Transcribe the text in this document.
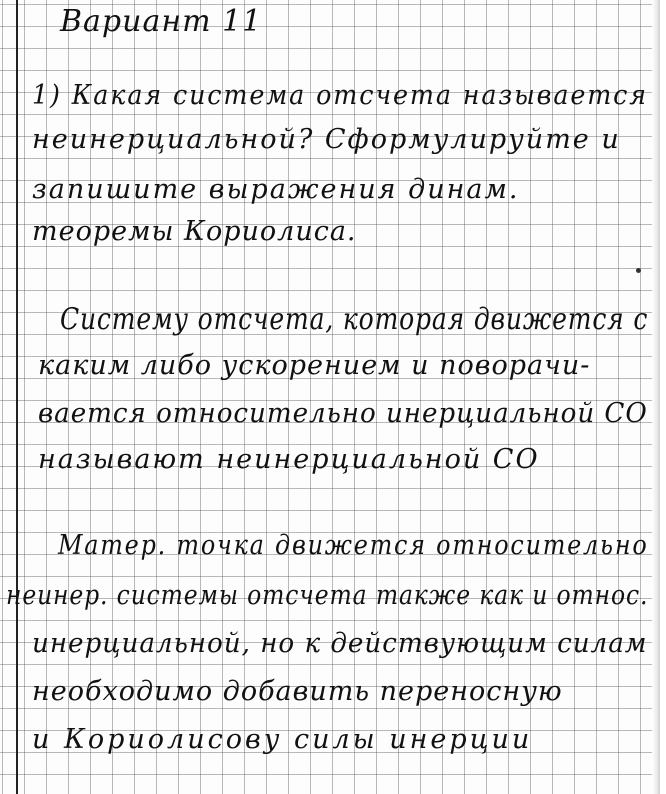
Вариант 11
1) Какая система отсчета называется
неинерциальной? Сформулируйте и
запишите выражения динам.
теоремы Кориолиса.
Систему отсчета, которая движется с
каким либо ускорением и поворачи-
вается относительно инерциальной СО
называют неинерциальной СО
Матер. точка движется относительно
неинер. системы отсчета также как и относ.
инерциальной, но к действующим силам
необходимо добавить переносную
и Кориолисову силы инерции
